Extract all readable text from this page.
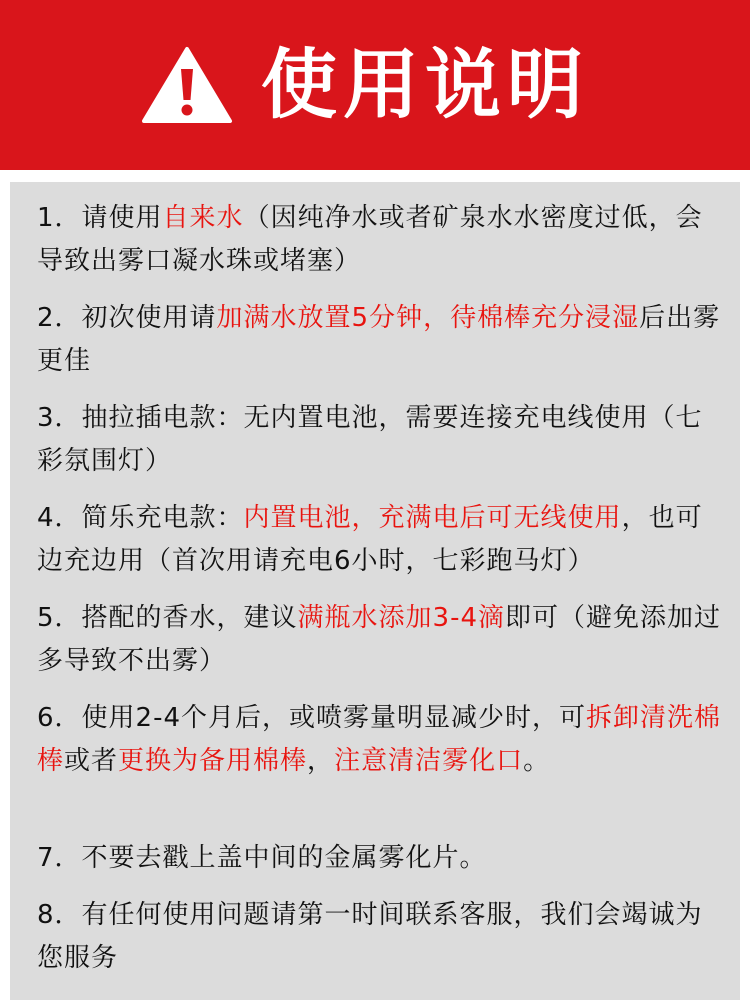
使用说明
1．请使用自来水（因纯净水或者矿泉水水密度过低，会导致出雾口凝水珠或堵塞）
2．初次使用请加满水放置5分钟，待棉棒充分浸湿后出雾更佳
3．抽拉插电款：无内置电池，需要连接充电线使用（七彩氛围灯）
4．简乐充电款：内置电池，充满电后可无线使用，也可边充边用（首次用请充电6小时，七彩跑马灯）
5．搭配的香水，建议满瓶水添加3-4滴即可（避免添加过多导致不出雾）
6．使用2-4个月后，或喷雾量明显减少时，可拆卸清洗棉棒或者更换为备用棉棒，注意清洁雾化口。
7．不要去戳上盖中间的金属雾化片。
8．有任何使用问题请第一时间联系客服，我们会竭诚为您服务
